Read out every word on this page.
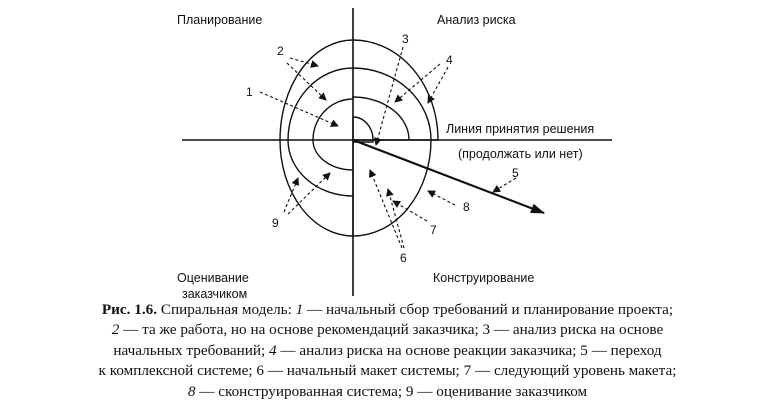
Планирование	Анализ риска
Оценивание
заказчиком
Конструирование
Линия принятия решения
(продолжать или нет)
1
2
3
4
5
6
7
8
9

Рис. 1.6. Спиральная модель: 1 — начальный сбор требований и планирование проекта;

2 — та же работа, но на основе рекомендаций заказчика; 3 — анализ риска на основе

начальных требований; 4 — анализ риска на основе реакции заказчика; 5 — переход

к комплексной системе; 6 — начальный макет системы; 7 — следующий уровень макета;

8 — сконструированная система; 9 — оценивание заказчиком
